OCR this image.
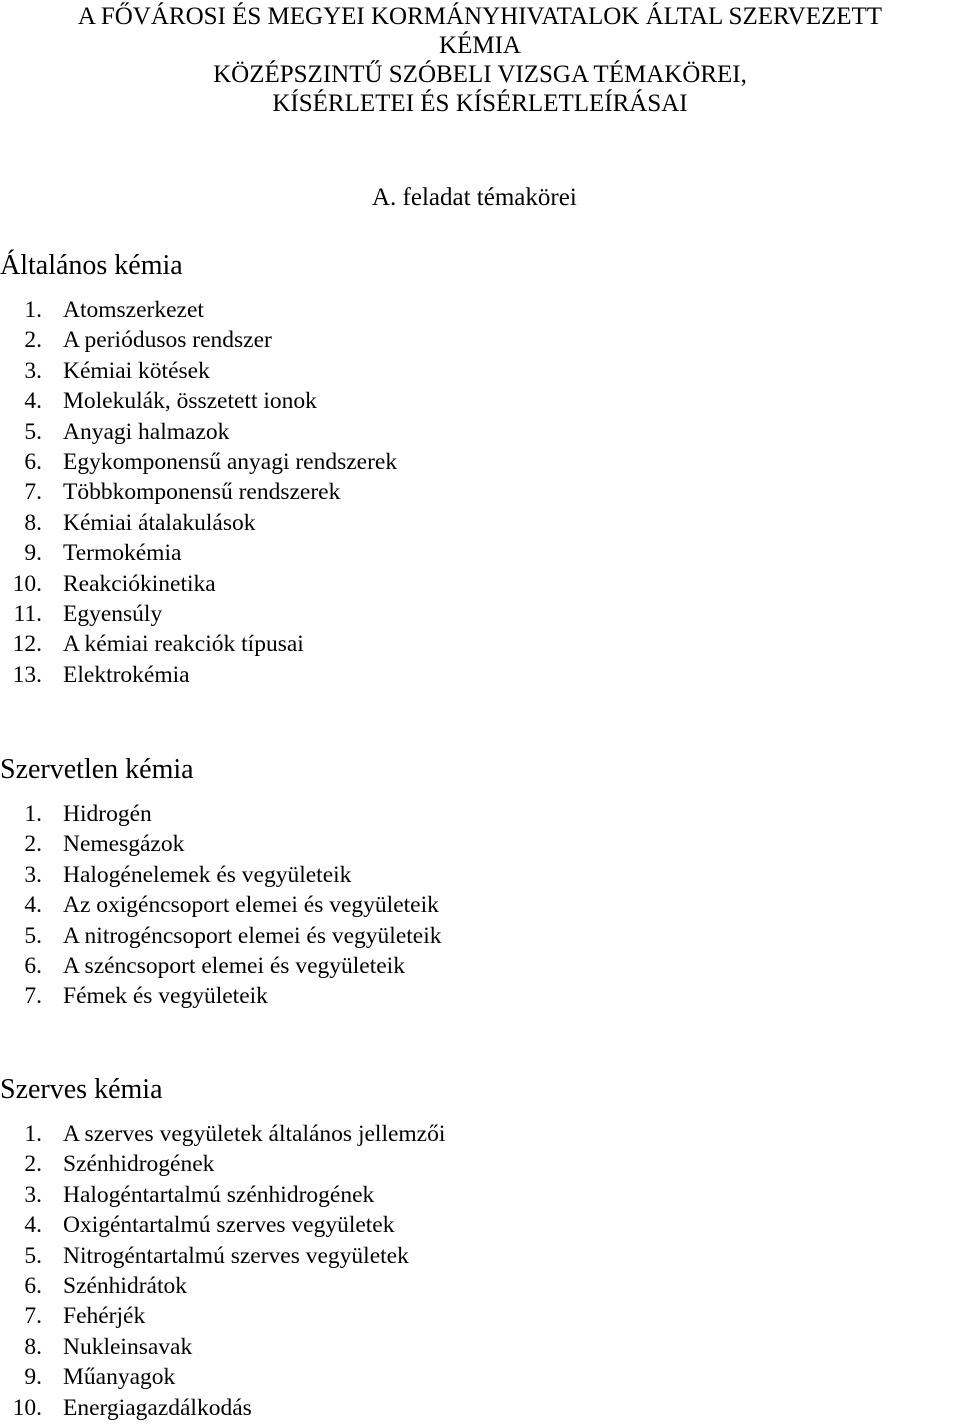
A FŐVÁROSI ÉS MEGYEI KORMÁNYHIVATALOK ÁLTAL SZERVEZETT
KÉMIA
KÖZÉPSZINTŰ SZÓBELI VIZSGA TÉMAKÖREI,
KÍSÉRLETEI ÉS KÍSÉRLETLEÍRÁSAI
A. feladat témakörei
Általános kémia
1. Atomszerkezet
2. A periódusos rendszer
3. Kémiai kötések
4. Molekulák, összetett ionok
5. Anyagi halmazok
6. Egykomponensű anyagi rendszerek
7. Többkomponensű rendszerek
8. Kémiai átalakulások
9. Termokémia
10. Reakciókinetika
11. Egyensúly
12. A kémiai reakciók típusai
13. Elektrokémia
Szervetlen kémia
1. Hidrogén
2. Nemesgázok
3. Halogénelemek és vegyületeik
4. Az oxigéncsoport elemei és vegyületeik
5. A nitrogéncsoport elemei és vegyületeik
6. A széncsoport elemei és vegyületeik
7. Fémek és vegyületeik
Szerves kémia
1. A szerves vegyületek általános jellemzői
2. Szénhidrogének
3. Halogéntartalmú szénhidrogének
4. Oxigéntartalmú szerves vegyületek
5. Nitrogéntartalmú szerves vegyületek
6. Szénhidrátok
7. Fehérjék
8. Nukleinsavak
9. Műanyagok
10. Energiagazdálkodás
